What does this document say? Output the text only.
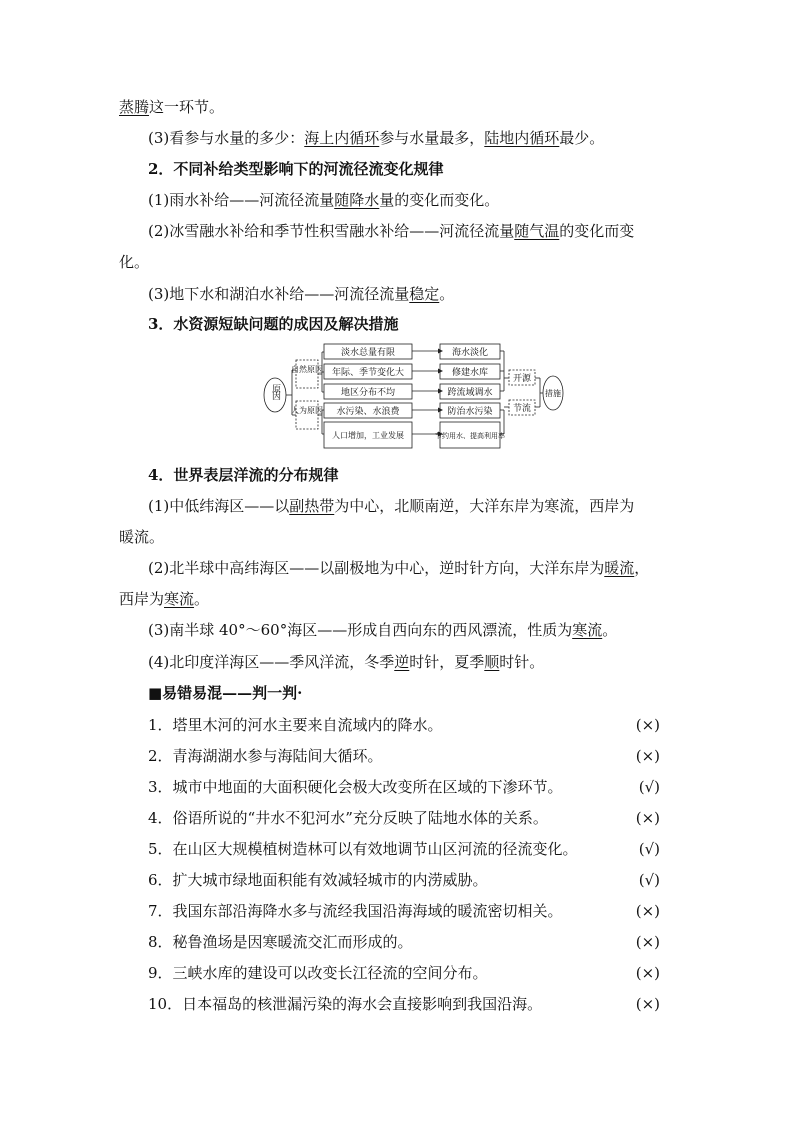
蒸腾这一环节。
(3)看参与水量的多少：海上内循环参与水量最多，陆地内循环最少。
2．不同补给类型影响下的河流径流变化规律
(1)雨水补给——河流径流量随降水量的变化而变化。
(2)冰雪融水补给和季节性积雪融水补给——河流径流量随气温的变化而变
化。
(3)地下水和湖泊水补给——河流径流量稳定。
3．水资源短缺问题的成因及解决措施
原因
自然原因
人为原因
淡水总量有限
年际、季节变化大
地区分布不均
水污染、水浪费
人口增加，工业发展
海水淡化
修建水库
跨流域调水
防治水污染
节约用水、提高利用率
开源
节流
措施
4．世界表层洋流的分布规律
(1)中低纬海区——以副热带为中心，北顺南逆，大洋东岸为寒流，西岸为
暖流。
(2)北半球中高纬海区——以副极地为中心，逆时针方向，大洋东岸为暖流，
西岸为寒流。
(3)南半球 40°～60°海区——形成自西向东的西风漂流，性质为寒流。
(4)北印度洋海区——季风洋流，冬季逆时针，夏季顺时针。
■易错易混——判一判·
1．塔里木河的河水主要来自流域内的降水。	(×)
2．青海湖湖水参与海陆间大循环。	(×)
3．城市中地面的大面积硬化会极大改变所在区域的下渗环节。	(√)
4．俗语所说的“井水不犯河水”充分反映了陆地水体的关系。	(×)
5．在山区大规模植树造林可以有效地调节山区河流的径流变化。	(√)
6．扩大城市绿地面积能有效减轻城市的内涝威胁。	(√)
7．我国东部沿海降水多与流经我国沿海海域的暖流密切相关。	(×)
8．秘鲁渔场是因寒暖流交汇而形成的。	(×)
9．三峡水库的建设可以改变长江径流的空间分布。	(×)
10．日本福岛的核泄漏污染的海水会直接影响到我国沿海。	(×)
